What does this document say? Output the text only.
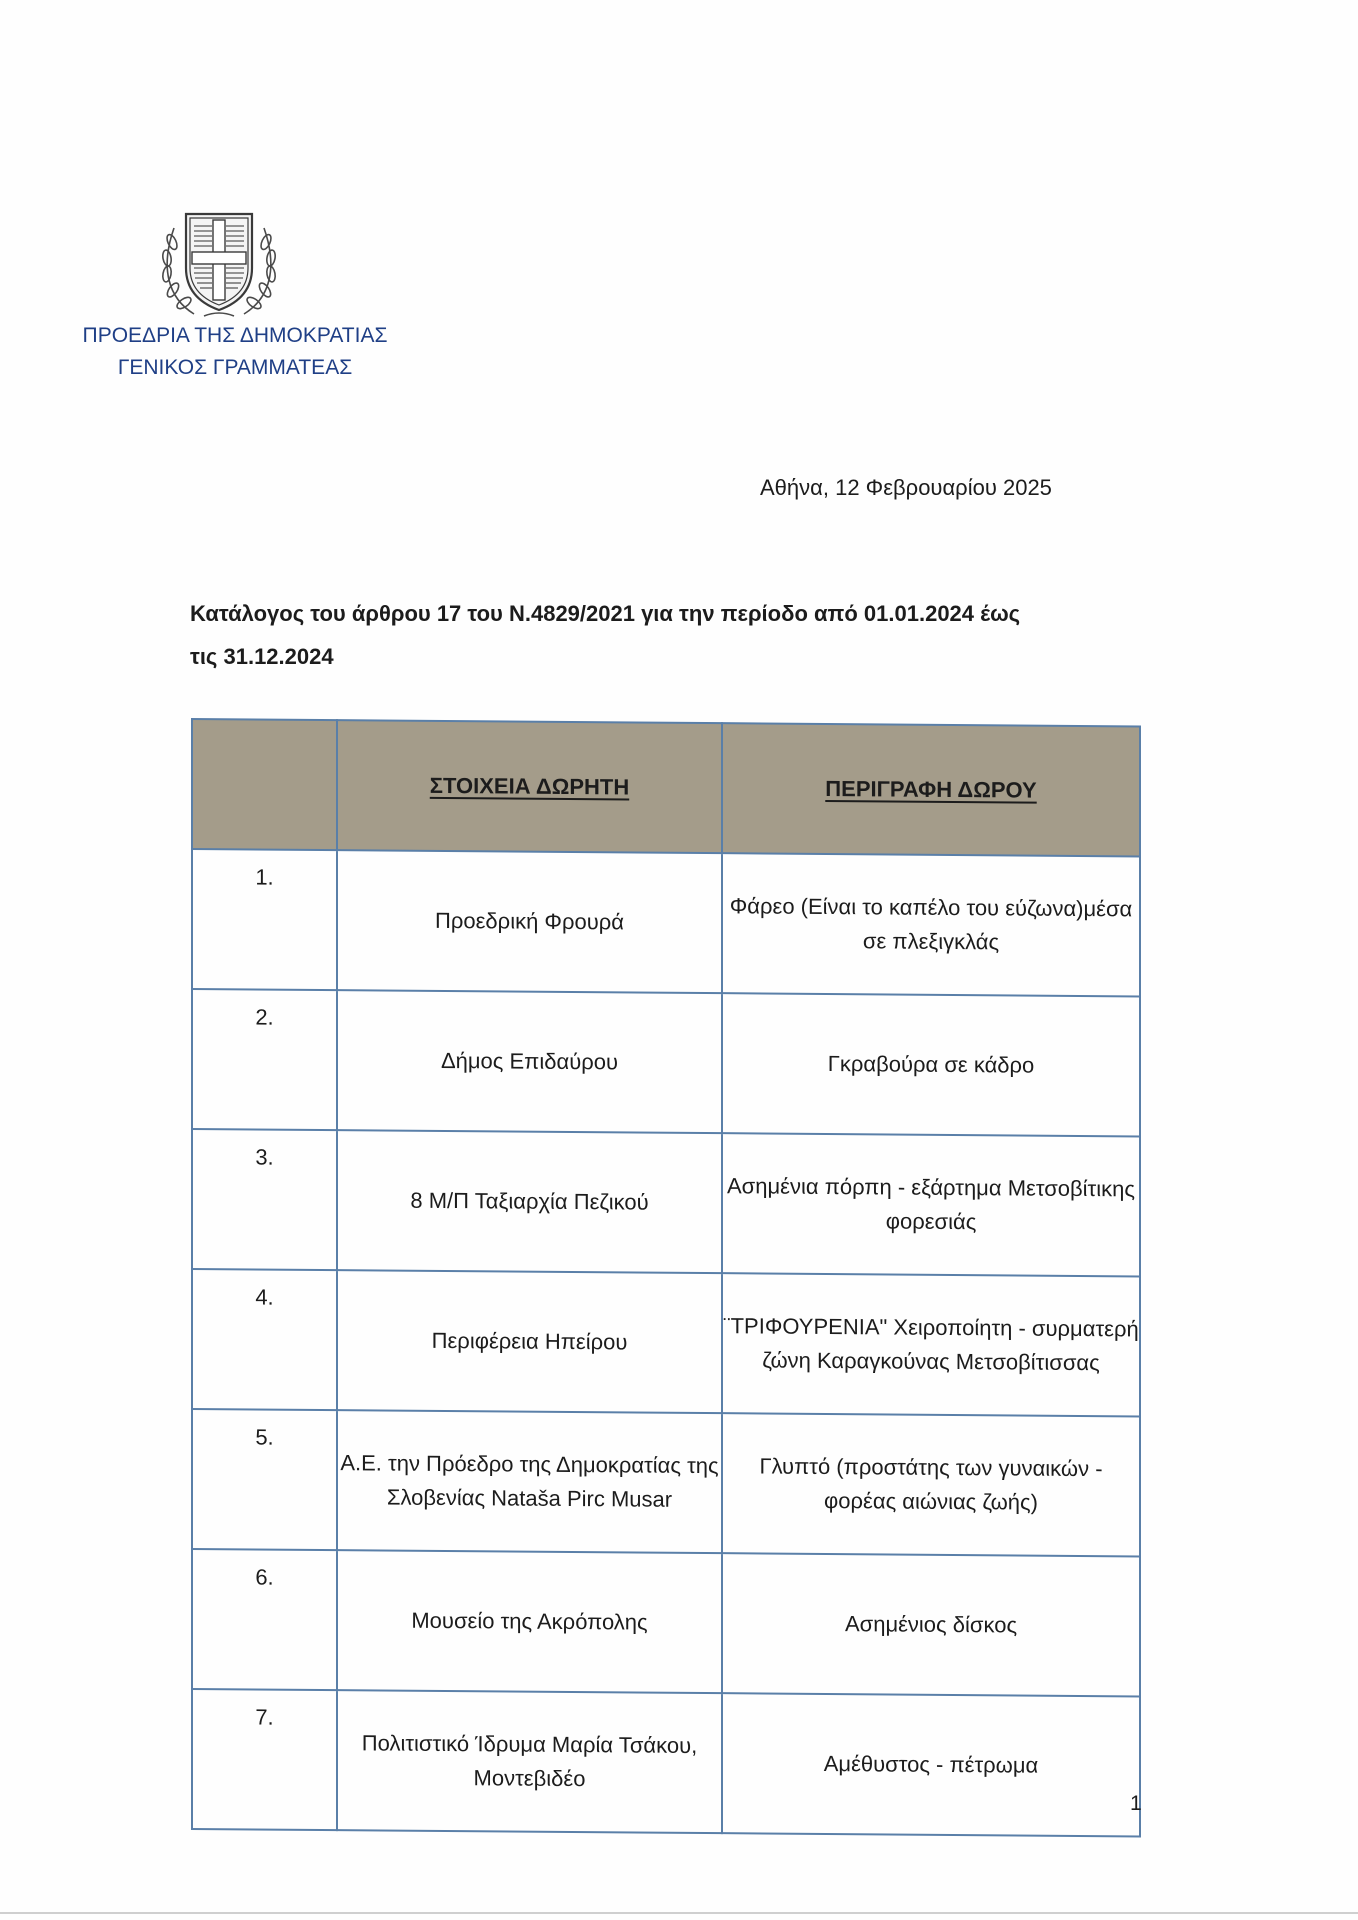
ΠΡΟΕΔΡΙΑ ΤΗΣ ΔΗΜΟΚΡΑΤΙΑΣ
ΓΕΝΙΚΟΣ ΓΡΑΜΜΑΤΕΑΣ
Αθήνα, 12 Φεβρουαρίου 2025
Κατάλογος του άρθρου 17 του Ν.4829/2021 για την περίοδο από 01.01.2024 έως
τις 31.12.2024
	ΣΤΟΙΧΕΙΑ ΔΩΡΗΤΗ	ΠΕΡΙΓΡΑΦΗ ΔΩΡΟΥ
1.	Προεδρική Φρουρά	Φάρεο (Είναι το καπέλο του εύζωνα)μέσα σε πλεξιγκλάς
2.	Δήμος Επιδαύρου	Γκραβούρα σε κάδρο
3.	8 Μ/Π Ταξιαρχία Πεζικού	Ασημένια πόρπη - εξάρτημα Μετσοβίτικης φορεσιάς
4.	Περιφέρεια Ηπείρου	¨ΤΡΙΦΟΥΡΕΝΙΑ" Χειροποίητη - συρματερή ζώνη Καραγκούνας Μετσοβίτισσας
5.	Α.Ε. την Πρόεδρο της Δημοκρατίας της Σλοβενίας Nataša Pirc Musar	Γλυπτό (προστάτης των γυναικών - φορέας αιώνιας ζωής)
6.	Μουσείο της Ακρόπολης	Ασημένιος δίσκος
7.	Πολιτιστικό Ίδρυμα Μαρία Τσάκου, Μοντεβιδέο	Αμέθυστος - πέτρωμα
1
